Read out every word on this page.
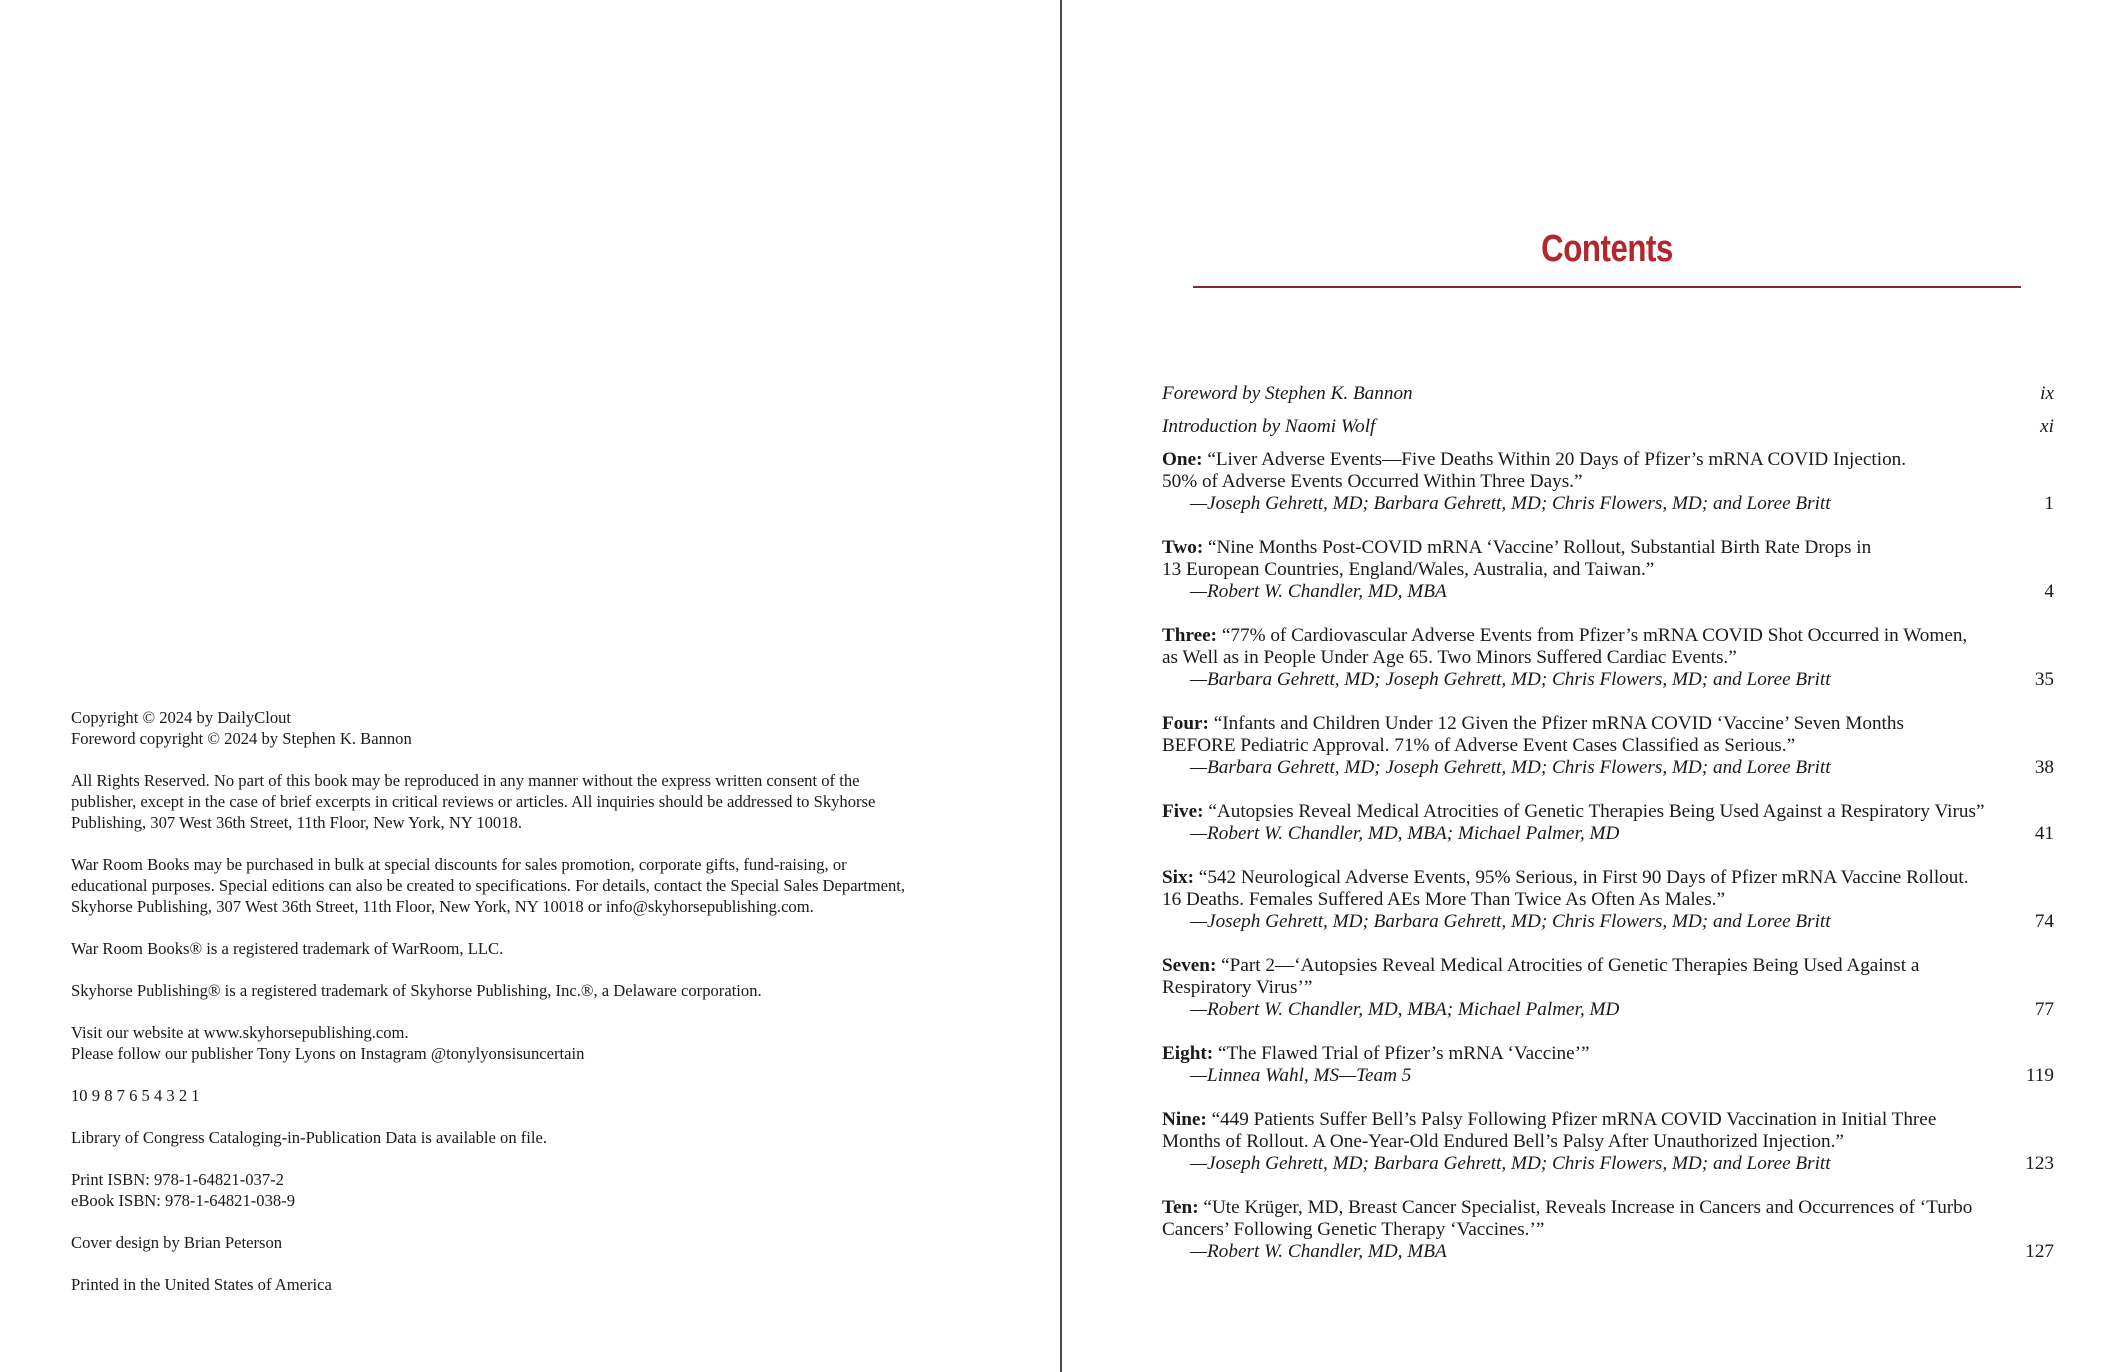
Copyright © 2024 by DailyClout
Foreword copyright © 2024 by Stephen K. Bannon

All Rights Reserved. No part of this book may be reproduced in any manner without the express written consent of the
publisher, except in the case of brief excerpts in critical reviews or articles. All inquiries should be addressed to Skyhorse
Publishing, 307 West 36th Street, 11th Floor, New York, NY 10018.

War Room Books may be purchased in bulk at special discounts for sales promotion, corporate gifts, fund-raising, or
educational purposes. Special editions can also be created to specifications. For details, contact the Special Sales Department,
Skyhorse Publishing, 307 West 36th Street, 11th Floor, New York, NY 10018 or info@skyhorsepublishing.com.

War Room Books® is a registered trademark of WarRoom, LLC.

Skyhorse Publishing® is a registered trademark of Skyhorse Publishing, Inc.®, a Delaware corporation.

Visit our website at www.skyhorsepublishing.com.
Please follow our publisher Tony Lyons on Instagram @tonylyonsisuncertain

10 9 8 7 6 5 4 3 2 1

Library of Congress Cataloging-in-Publication Data is available on file.

Print ISBN: 978-1-64821-037-2
eBook ISBN: 978-1-64821-038-9

Cover design by Brian Peterson

Printed in the United States of America

Contents
Foreword by Stephen K. Bannon	ix
Introduction by Naomi Wolf	xi
One: “Liver Adverse Events—Five Deaths Within 20 Days of Pfizer’s mRNA COVID Injection.
50% of Adverse Events Occurred Within Three Days.”
—Joseph Gehrett, MD; Barbara Gehrett, MD; Chris Flowers, MD; and Loree Britt	1
Two: “Nine Months Post-COVID mRNA ‘Vaccine’ Rollout, Substantial Birth Rate Drops in
13 European Countries, England/Wales, Australia, and Taiwan.”
—Robert W. Chandler, MD, MBA	4
Three: “77% of Cardiovascular Adverse Events from Pfizer’s mRNA COVID Shot Occurred in Women,
as Well as in People Under Age 65. Two Minors Suffered Cardiac Events.”
—Barbara Gehrett, MD; Joseph Gehrett, MD; Chris Flowers, MD; and Loree Britt	35
Four: “Infants and Children Under 12 Given the Pfizer mRNA COVID ‘Vaccine’ Seven Months
BEFORE Pediatric Approval. 71% of Adverse Event Cases Classified as Serious.”
—Barbara Gehrett, MD; Joseph Gehrett, MD; Chris Flowers, MD; and Loree Britt	38
Five: “Autopsies Reveal Medical Atrocities of Genetic Therapies Being Used Against a Respiratory Virus”
—Robert W. Chandler, MD, MBA; Michael Palmer, MD	41
Six: “542 Neurological Adverse Events, 95% Serious, in First 90 Days of Pfizer mRNA Vaccine Rollout.
16 Deaths. Females Suffered AEs More Than Twice As Often As Males.”
—Joseph Gehrett, MD; Barbara Gehrett, MD; Chris Flowers, MD; and Loree Britt	74
Seven: “Part 2—‘Autopsies Reveal Medical Atrocities of Genetic Therapies Being Used Against a
Respiratory Virus’”
—Robert W. Chandler, MD, MBA; Michael Palmer, MD	77
Eight: “The Flawed Trial of Pfizer’s mRNA ‘Vaccine’”
—Linnea Wahl, MS—Team 5	119
Nine: “449 Patients Suffer Bell’s Palsy Following Pfizer mRNA COVID Vaccination in Initial Three
Months of Rollout. A One-Year-Old Endured Bell’s Palsy After Unauthorized Injection.”
—Joseph Gehrett, MD; Barbara Gehrett, MD; Chris Flowers, MD; and Loree Britt	123
Ten: “Ute Krüger, MD, Breast Cancer Specialist, Reveals Increase in Cancers and Occurrences of ‘Turbo
Cancers’ Following Genetic Therapy ‘Vaccines.’”
—Robert W. Chandler, MD, MBA	127
